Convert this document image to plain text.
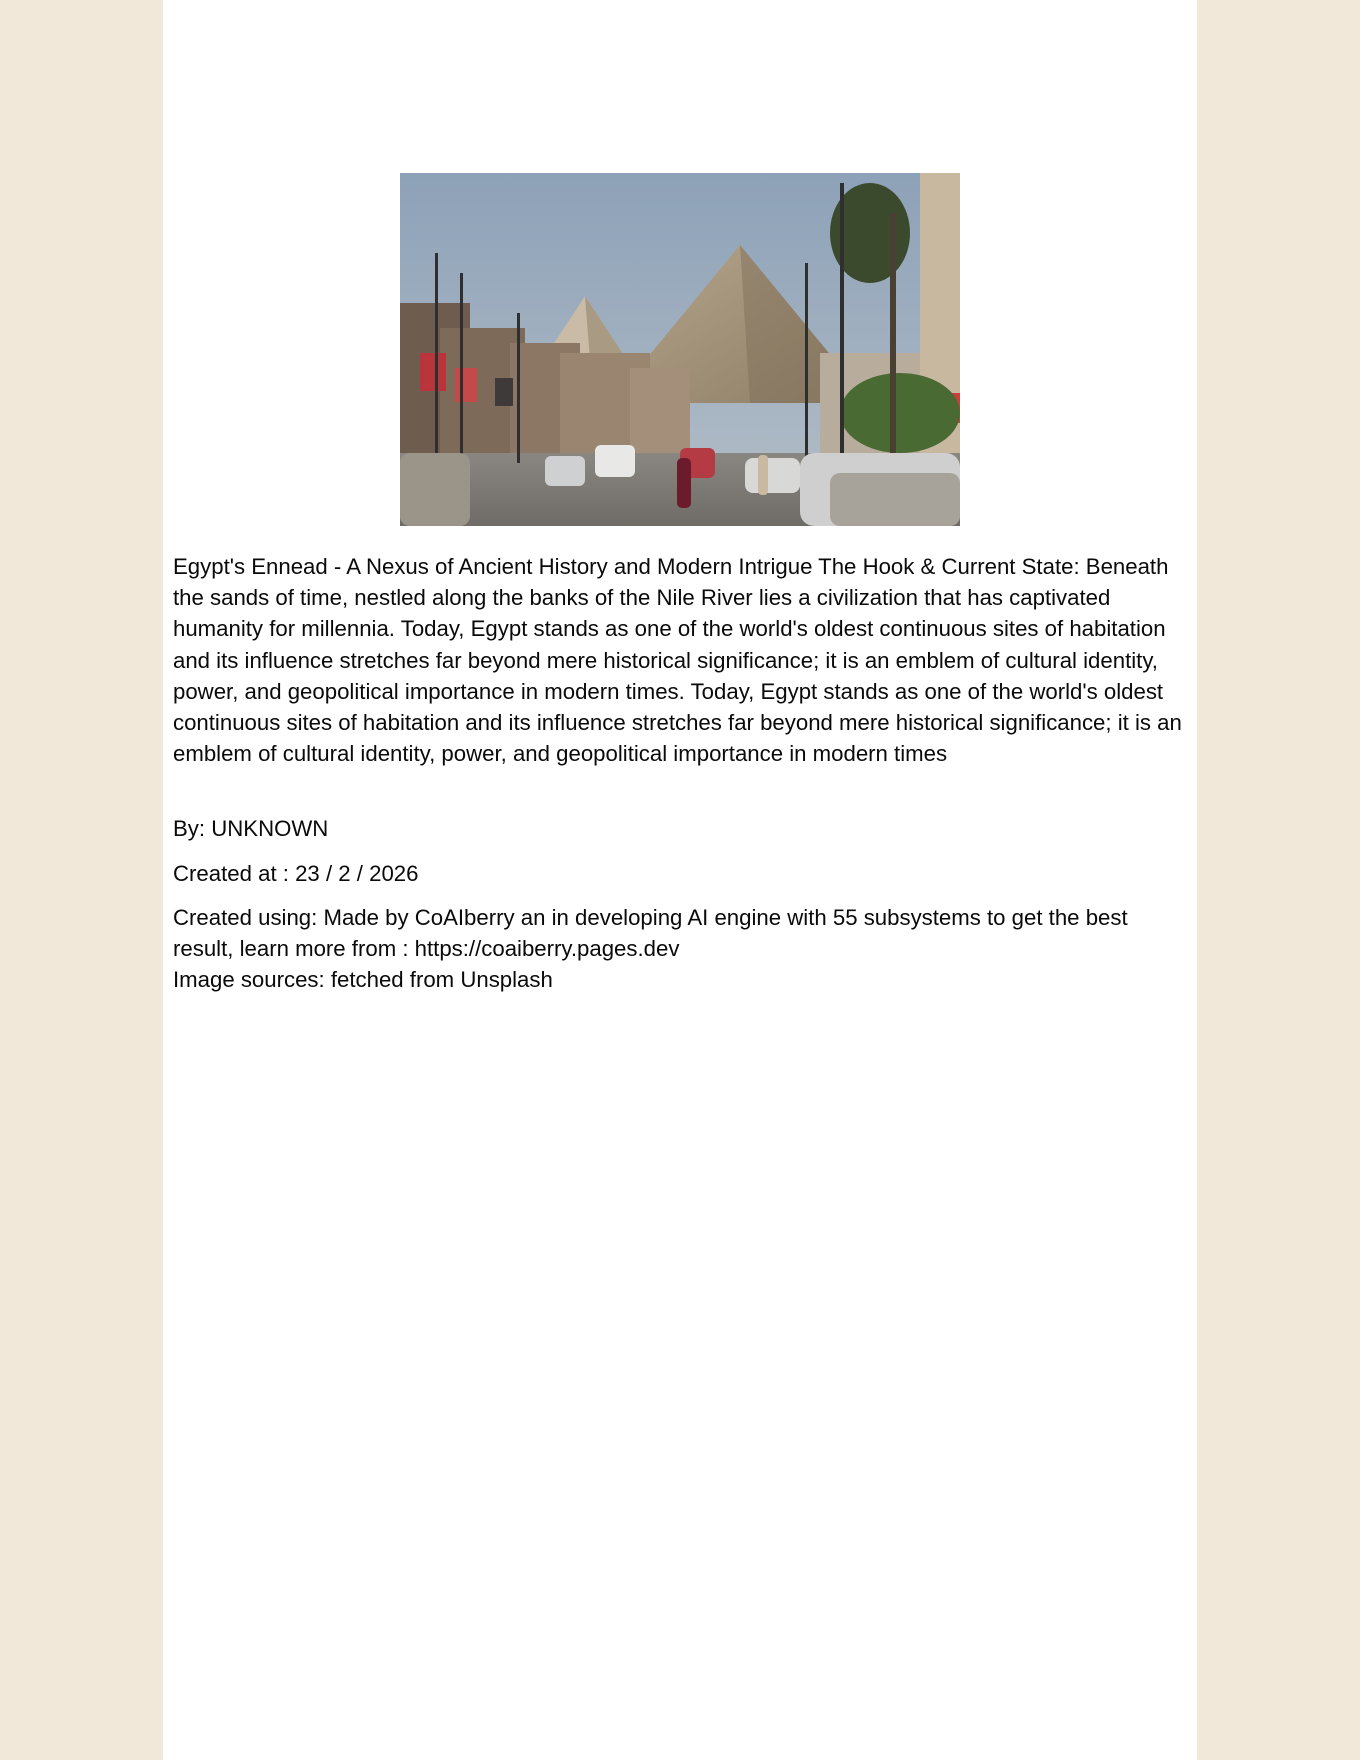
Egypt's Ennead - A Nexus of Ancient History and Modern Intrigue The Hook & Current State: Beneath the sands of time, nestled along the banks of the Nile River lies a civilization that has captivated humanity for millennia. Today, Egypt stands as one of the world's oldest continuous sites of habitation and its influence stretches far beyond mere historical significance; it is an emblem of cultural identity, power, and geopolitical importance in modern times. Today, Egypt stands as one of the world's oldest continuous sites of habitation and its influence stretches far beyond mere historical significance; it is an emblem of cultural identity, power, and geopolitical importance in modern times

By: UNKNOWN

Created at : 23 / 2 / 2026

Created using: Made by CoAIberry an in developing AI engine with 55 subsystems to get the best result, learn more from : https://coaiberry.pages.dev

Image sources: fetched from Unsplash
